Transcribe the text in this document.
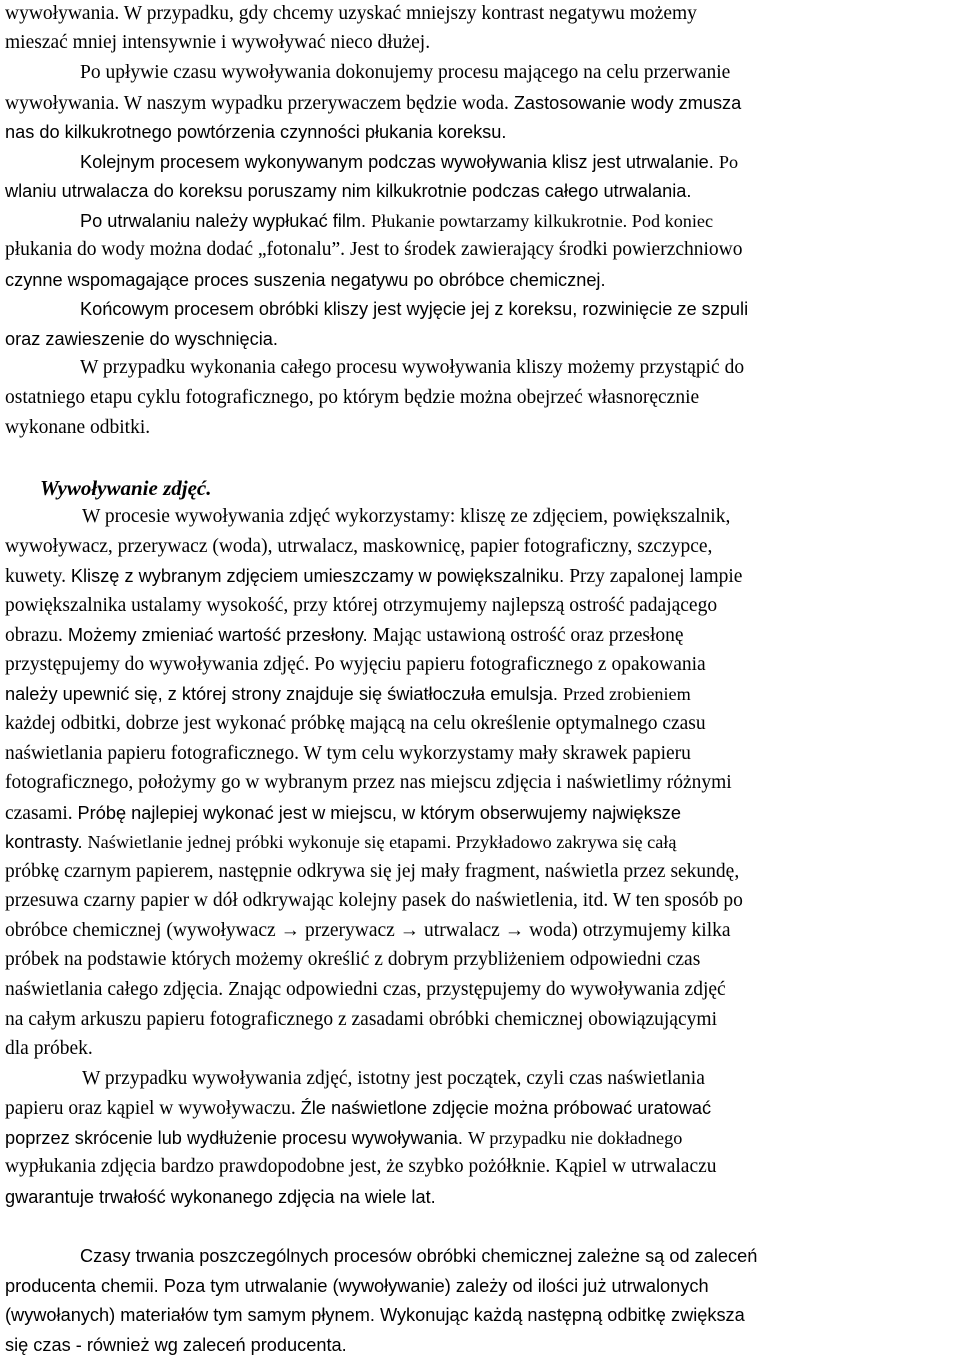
wywoływania. W przypadku, gdy chcemy uzyskać mniejszy kontrast negatywu możemy
mieszać mniej intensywnie i wywoływać nieco dłużej.
Po upływie czasu wywoływania dokonujemy procesu mającego na celu przerwanie
wywoływania. W naszym wypadku przerywaczem będzie woda. Zastosowanie wody zmusza
nas do kilkukrotnego powtórzenia czynności płukania koreksu.
Kolejnym procesem wykonywanym podczas wywoływania klisz jest utrwalanie. Po
wlaniu utrwalacza do koreksu poruszamy nim kilkukrotnie podczas całego utrwalania.
Po utrwalaniu należy wypłukać film. Płukanie powtarzamy kilkukrotnie. Pod koniec
płukania do wody można dodać „fotonalu”. Jest to środek zawierający środki powierzchniowo
czynne wspomagające proces suszenia negatywu po obróbce chemicznej.
Końcowym procesem obróbki kliszy jest wyjęcie jej z koreksu, rozwinięcie ze szpuli
oraz zawieszenie do wyschnięcia.
W przypadku wykonania całego procesu wywoływania kliszy możemy przystąpić do
ostatniego etapu cyklu fotograficznego, po którym będzie można obejrzeć własnoręcznie
wykonane odbitki.
Wywoływanie zdjęć.
W procesie wywoływania zdjęć wykorzystamy: kliszę ze zdjęciem, powiększalnik,
wywoływacz, przerywacz (woda), utrwalacz, maskownicę, papier fotograficzny, szczypce,
kuwety. Kliszę z wybranym zdjęciem umieszczamy w powiększalniku. Przy zapalonej lampie
powiększalnika ustalamy wysokość, przy której otrzymujemy najlepszą ostrość padającego
obrazu. Możemy zmieniać wartość przesłony. Mając ustawioną ostrość oraz przesłonę
przystępujemy do wywoływania zdjęć. Po wyjęciu papieru fotograficznego z opakowania
należy upewnić się, z której strony znajduje się światłoczuła emulsja. Przed zrobieniem
każdej odbitki, dobrze jest wykonać próbkę mającą na celu określenie optymalnego czasu
naświetlania papieru fotograficznego. W tym celu wykorzystamy mały skrawek papieru
fotograficznego, położymy go w wybranym przez nas miejscu zdjęcia i naświetlimy różnymi
czasami. Próbę najlepiej wykonać jest w miejscu, w którym obserwujemy największe
kontrasty. Naświetlanie jednej próbki wykonuje się etapami. Przykładowo zakrywa się całą
próbkę czarnym papierem, następnie odkrywa się jej mały fragment, naświetla przez sekundę,
przesuwa czarny papier w dół odkrywając kolejny pasek do naświetlenia, itd. W ten sposób po
obróbce chemicznej (wywoływacz → przerywacz → utrwalacz → woda) otrzymujemy kilka
próbek na podstawie których możemy określić z dobrym przybliżeniem odpowiedni czas
naświetlania całego zdjęcia. Znając odpowiedni czas, przystępujemy do wywoływania zdjęć
na całym arkuszu papieru fotograficznego z zasadami obróbki chemicznej obowiązującymi
dla próbek.
W przypadku wywoływania zdjęć, istotny jest początek, czyli czas naświetlania
papieru oraz kąpiel w wywoływaczu. Źle naświetlone zdjęcie można próbować uratować
poprzez skrócenie lub wydłużenie procesu wywoływania. W przypadku nie dokładnego
wypłukania zdjęcia bardzo prawdopodobne jest, że szybko pożółknie. Kąpiel w utrwalaczu
gwarantuje trwałość wykonanego zdjęcia na wiele lat.
Czasy trwania poszczególnych procesów obróbki chemicznej zależne są od zaleceń
producenta chemii. Poza tym utrwalanie (wywoływanie) zależy od ilości już utrwalonych
(wywołanych) materiałów tym samym płynem. Wykonując każdą następną odbitkę zwiększa
się czas - również wg zaleceń producenta.
